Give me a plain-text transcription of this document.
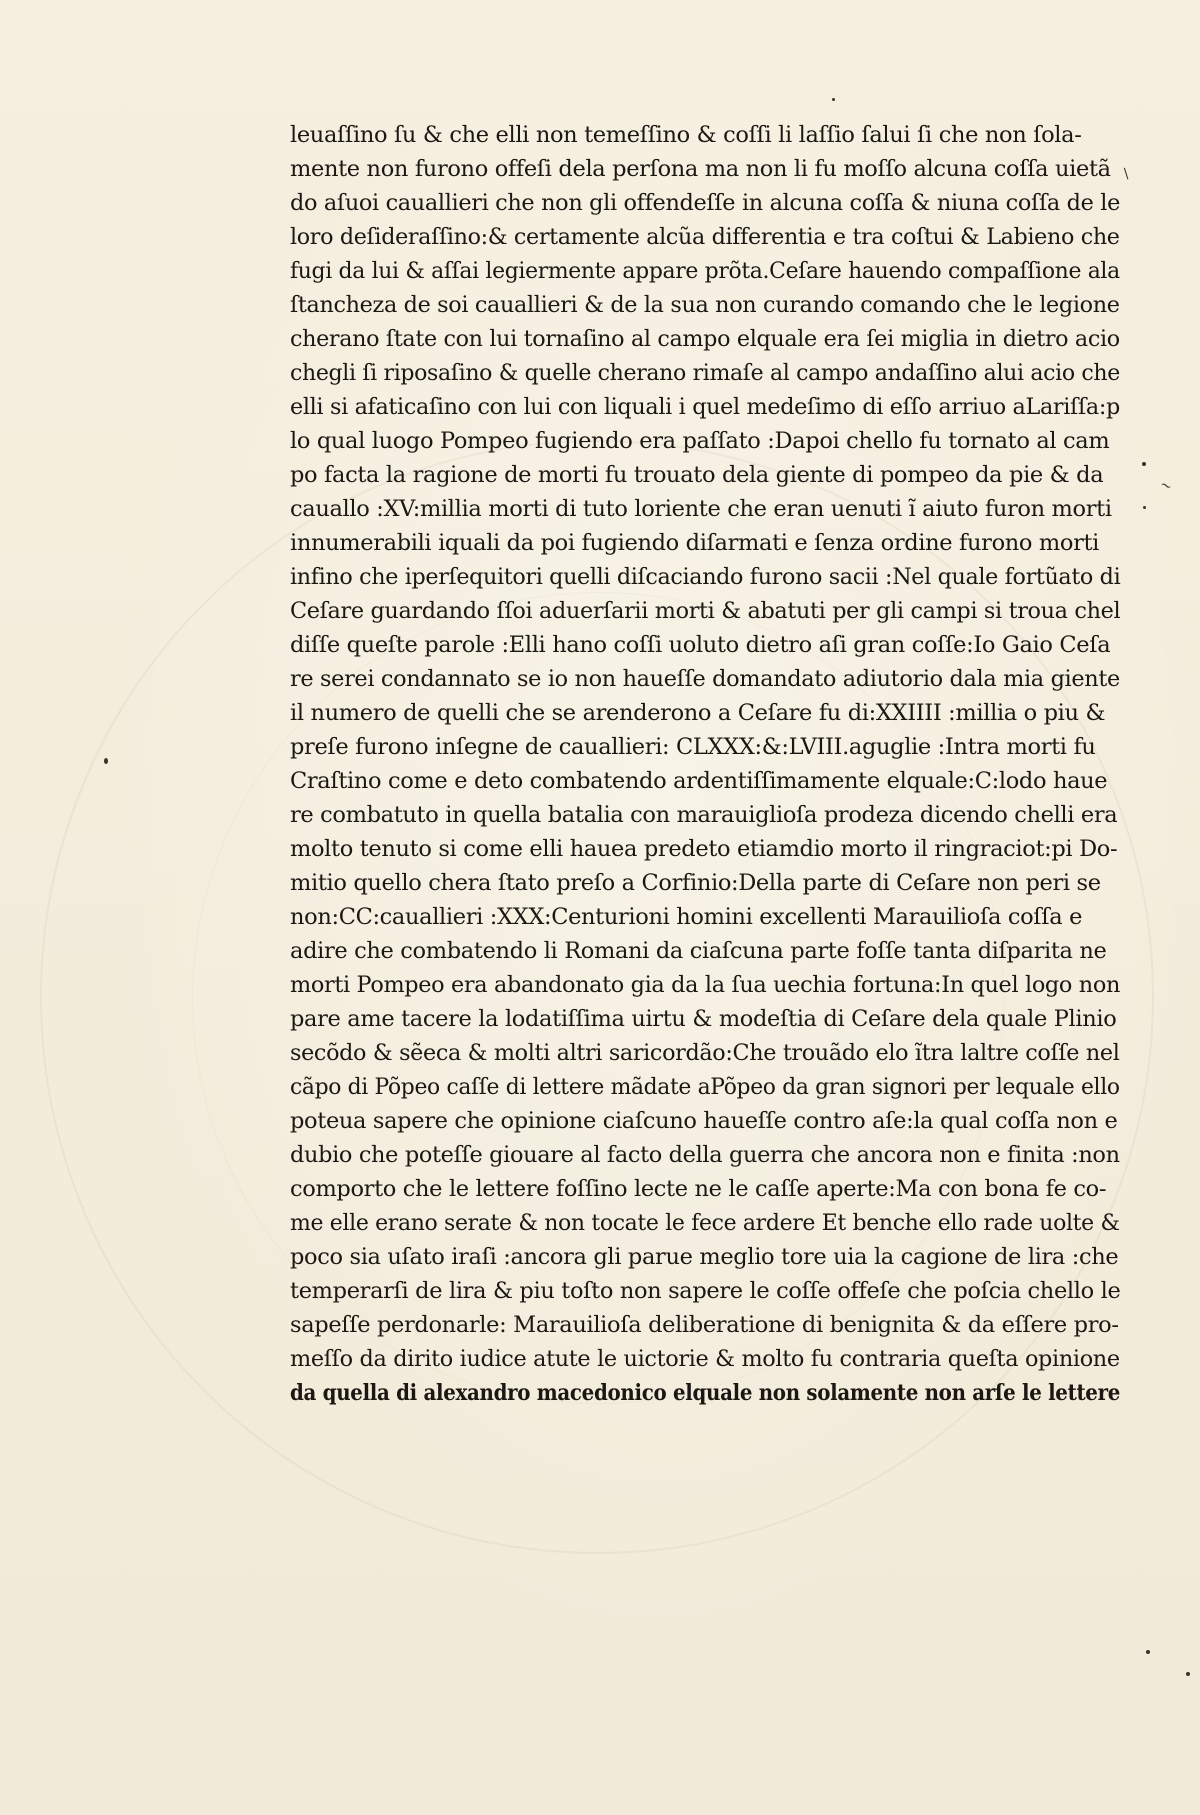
~
/
leuaſſino ſu & che elli non temeſſino & coſſi li laſſio ſalui ſi che non ſola-
mente non furono offeſi dela perſona ma non li fu moſſo alcuna coſſa uietã
do aſuoi caualliеri che non gli offendeſſe in alcuna coſſa & niuna coſſa de le
loro deſideraſſino:& certamente alcũa differentia e tra coſtui & Labieno che
fugi da lui & aſſai legiermente appare prõta.Ceſare hauendo compaſſione ala
ſtancheza de soi caualliеri & de la sua non curando comando che le legione
cherano ſtate con lui tornaſino al campo elquale era ſei miglia in dietro acio
chegli ſi riposaſino & quelle cherano rimaſe al campo andaſſino alui acio che
elli si afaticaſino con lui con liquali i quel medeſimo di eſſo arriuo aLariſſa:p
lo qual luogo Pompeo fugiendo era paſſato :Dapoi chello fu tornato al cam
po facta la ragione de morti fu trouato dela giente di pompeo da pie & da
cauallo :XV:millia morti di tuto loriente che eran uenuti ĩ aiuto furon morti
innumerabili iquali da poi fugiendo diſarmati e ſenza ordine furono morti
infino che iperſequitori quelli diſcaciando furono sacii :Nel quale fortũato di
Ceſare guardando ſſoi aduerſarii morti & abatuti per gli campi si troua chel
diſſe queſte parole :Elli hano coſſi uoluto dietro aſi gran coſſe:Io Gaio Ceſa
re serei condannato se io non haueſſe domandato adiutorio dala mia giente
il numero de quelli che se arenderono a Ceſare fu di:XXIIII :millia o piu &
preſe furono inſegne de caualliеri: CLXXX:&:LVIII.aguglie :Intra morti fu
Craſtino come e deto combatendo ardentiſſimamente elquale:C:lodo haue
re combatuto in quella batalia con marauiglioſa prodeza dicendo chelli era
molto tenuto si come elli hauea predeto etiamdio morto il ringraciot:pi Do-
mitio quello chera ſtato preſo a Corfinio:Della parte di Ceſare non peri se
non:CC:caualliеri :XXX:Centurioni homini excellenti Marauilioſa coſſa e
adire che combatendo li Romani da ciaſcuna parte foſſe tanta diſparita ne
morti Pompeo era abandonato gia da la ſua uechia fortuna:In quel logo non
pare ame tacere la lodatiſſima uirtu & modeſtia di Ceſare dela quale Plinio
secõdo & sẽeca & molti altri saricordão:Che trouãdo elo ĩtra laltre coſſe nel
cãpo di Põpeo caſſe di lettere mãdate aPõpeo da gran signori per lequale ello
poteua sapere che opinione ciaſcuno haueſſe contro aſe:la qual coſſa non e
dubio che poteſſe giouare al facto della guerra che ancora non e finita :non
comporto che le lettere foſſino lecte ne le caſſe aperte:Ma con bona fe co-
me elle erano serate & non tocate le fece ardere Et benche ello rade uolte &
poco sia uſato iraſi :ancora gli parue meglio tore uia la cagione de lira :che
temperarſi de lira & piu toſto non sapere le coſſe offeſe che poſcia chello le
sapeſſe perdonarle: Marauilioſa deliberatione di benignita & da eſſere pro-
meſſo da dirito iudice atute le uictorie & molto fu contraria queſta opinione
da quella di alexandro macedonico elquale non solamente non arſe le lettere
